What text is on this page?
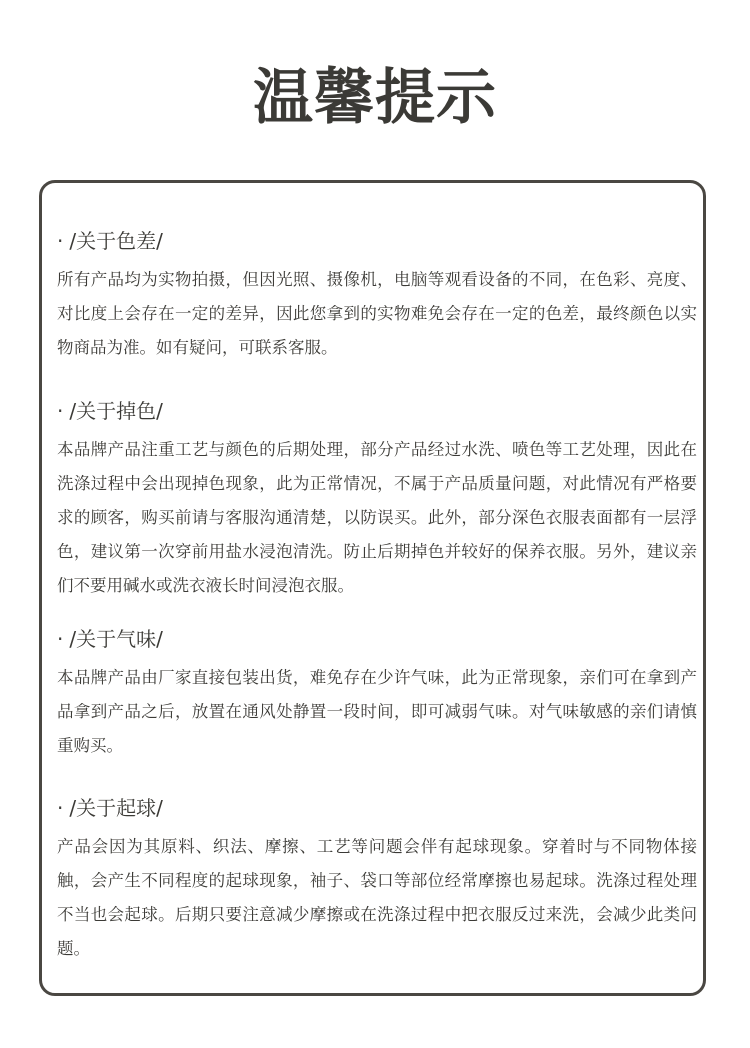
温馨提示
· /关于色差/

所有产品均为实物拍摄，但因光照、摄像机，电脑等观看设备的不同，在色彩、亮度、对比度上会存在一定的差异，因此您拿到的实物难免会存在一定的色差，最终颜色以实物商品为准。如有疑问，可联系客服。

· /关于掉色/

本品牌产品注重工艺与颜色的后期处理，部分产品经过水洗、喷色等工艺处理，因此在洗涤过程中会出现掉色现象，此为正常情况，不属于产品质量问题，对此情况有严格要求的顾客，购买前请与客服沟通清楚，以防误买。此外，部分深色衣服表面都有一层浮色，建议第一次穿前用盐水浸泡清洗。防止后期掉色并较好的保养衣服。另外，建议亲们不要用碱水或洗衣液长时间浸泡衣服。

· /关于气味/

本品牌产品由厂家直接包装出货，难免存在少许气味，此为正常现象，亲们可在拿到产品拿到产品之后，放置在通风处静置一段时间，即可减弱气味。对气味敏感的亲们请慎重购买。

· /关于起球/

产品会因为其原料、织法、摩擦、工艺等问题会伴有起球现象。穿着时与不同物体接触，会产生不同程度的起球现象，袖子、袋口等部位经常摩擦也易起球。洗涤过程处理不当也会起球。后期只要注意减少摩擦或在洗涤过程中把衣服反过来洗，会减少此类问题。
